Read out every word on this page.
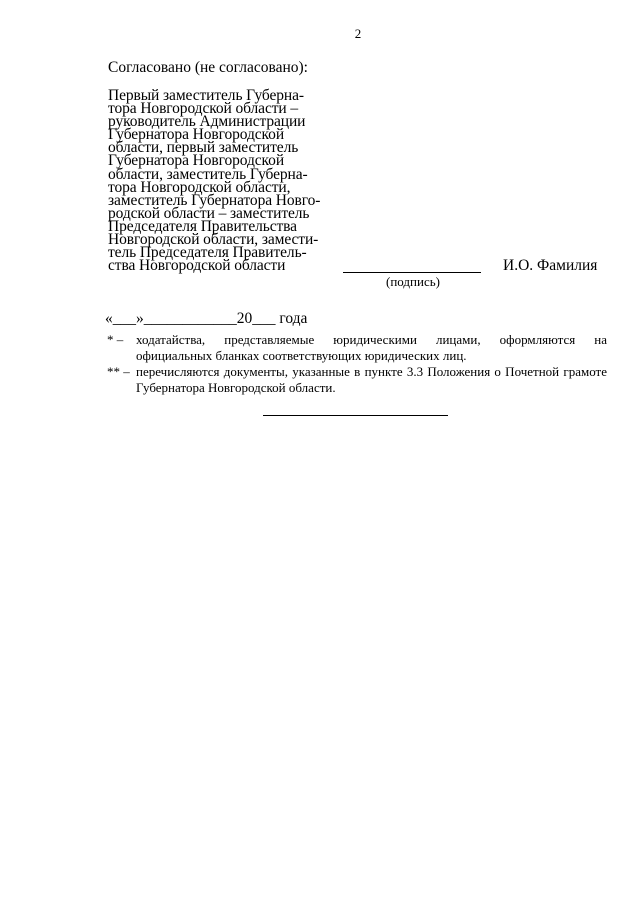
2
Согласовано (не согласовано):
Первый заместитель Губерна-
тора Новгородской области –
руководитель Администрации
Губернатора Новгородской
области, первый заместитель
Губернатора Новгородской
области, заместитель Губерна-
тора Новгородской области,
заместитель Губернатора Новго-
родской области – заместитель
Председателя Правительства
Новгородской области, замести-
тель Председателя Правитель-
ства Новгородской области	И.О. Фамилия
(подпись)
«___»____________20___ года
* – ходатайства, представляемые юридическими лицами, оформляются на официальных бланках соответствующих юридических лиц.
** – перечисляются документы, указанные в пункте 3.3 Положения о Почетной грамоте Губернатора Новгородской области.
